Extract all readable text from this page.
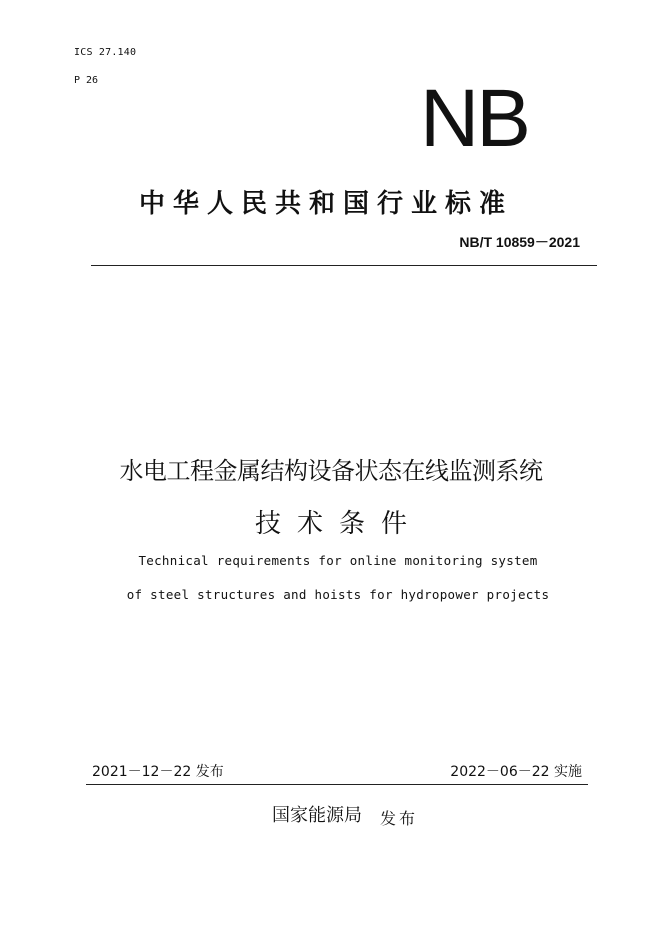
ICS 27.140
P 26	NB
中华人民共和国行业标准
NB/T 10859－2021
水电工程金属结构设备状态在线监测系统
技术条件
Technical requirements for online monitoring system
of steel structures and hoists for hydropower projects
2021－12－22 发布	2022－06－22 实施
国家能源局 发布
